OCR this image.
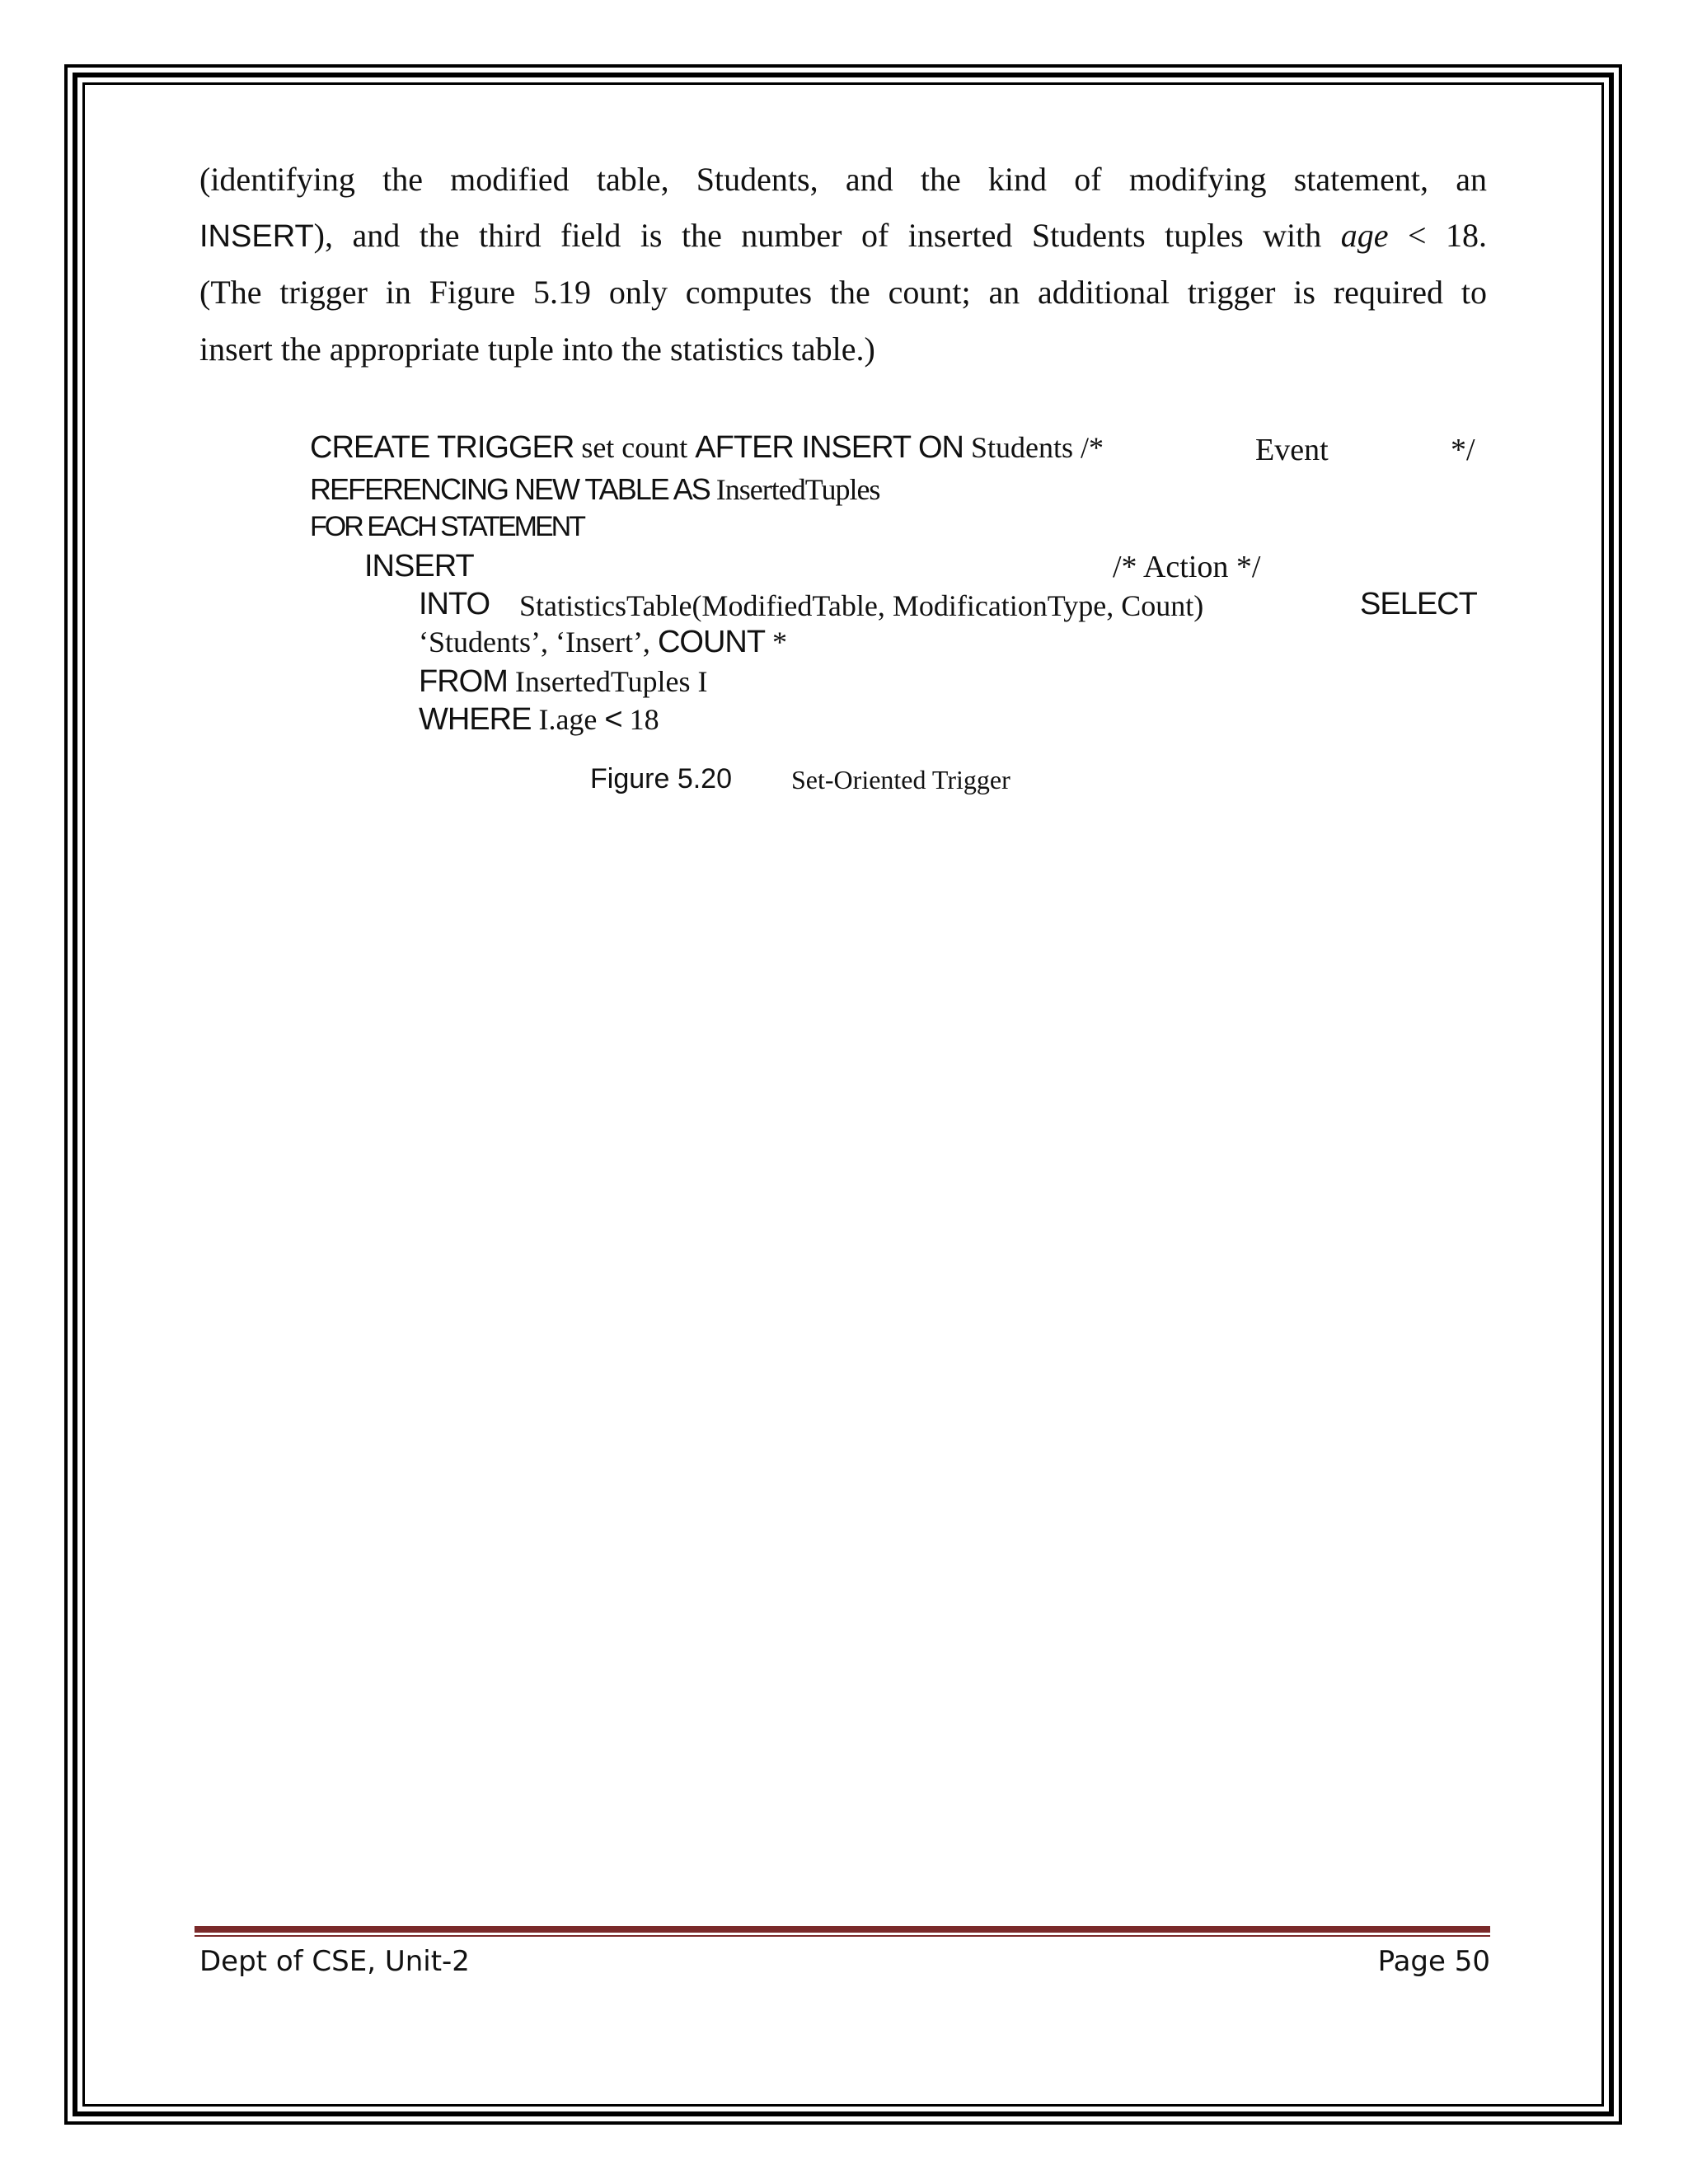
(identifying the modified table, Students, and the kind of modifying statement, an
INSERT), and the third field is the number of inserted Students tuples with age < 18.
(The trigger in Figure 5.19 only computes the count; an additional trigger is required to
insert the appropriate tuple into the statistics table.)
CREATE TRIGGER set count AFTER INSERT ON Students /*	Event	*/
REFERENCING NEW TABLE AS InsertedTuples
FOR EACH STATEMENT
INSERT	/* Action */
INTO StatisticsTable(ModifiedTable, ModificationType, Count)	SELECT
‘Students’, ‘Insert’, COUNT *
FROM InsertedTuples I
WHERE I.age < 18
Figure 5.20 Set-Oriented Trigger
Dept of CSE, Unit-2	Page 50
